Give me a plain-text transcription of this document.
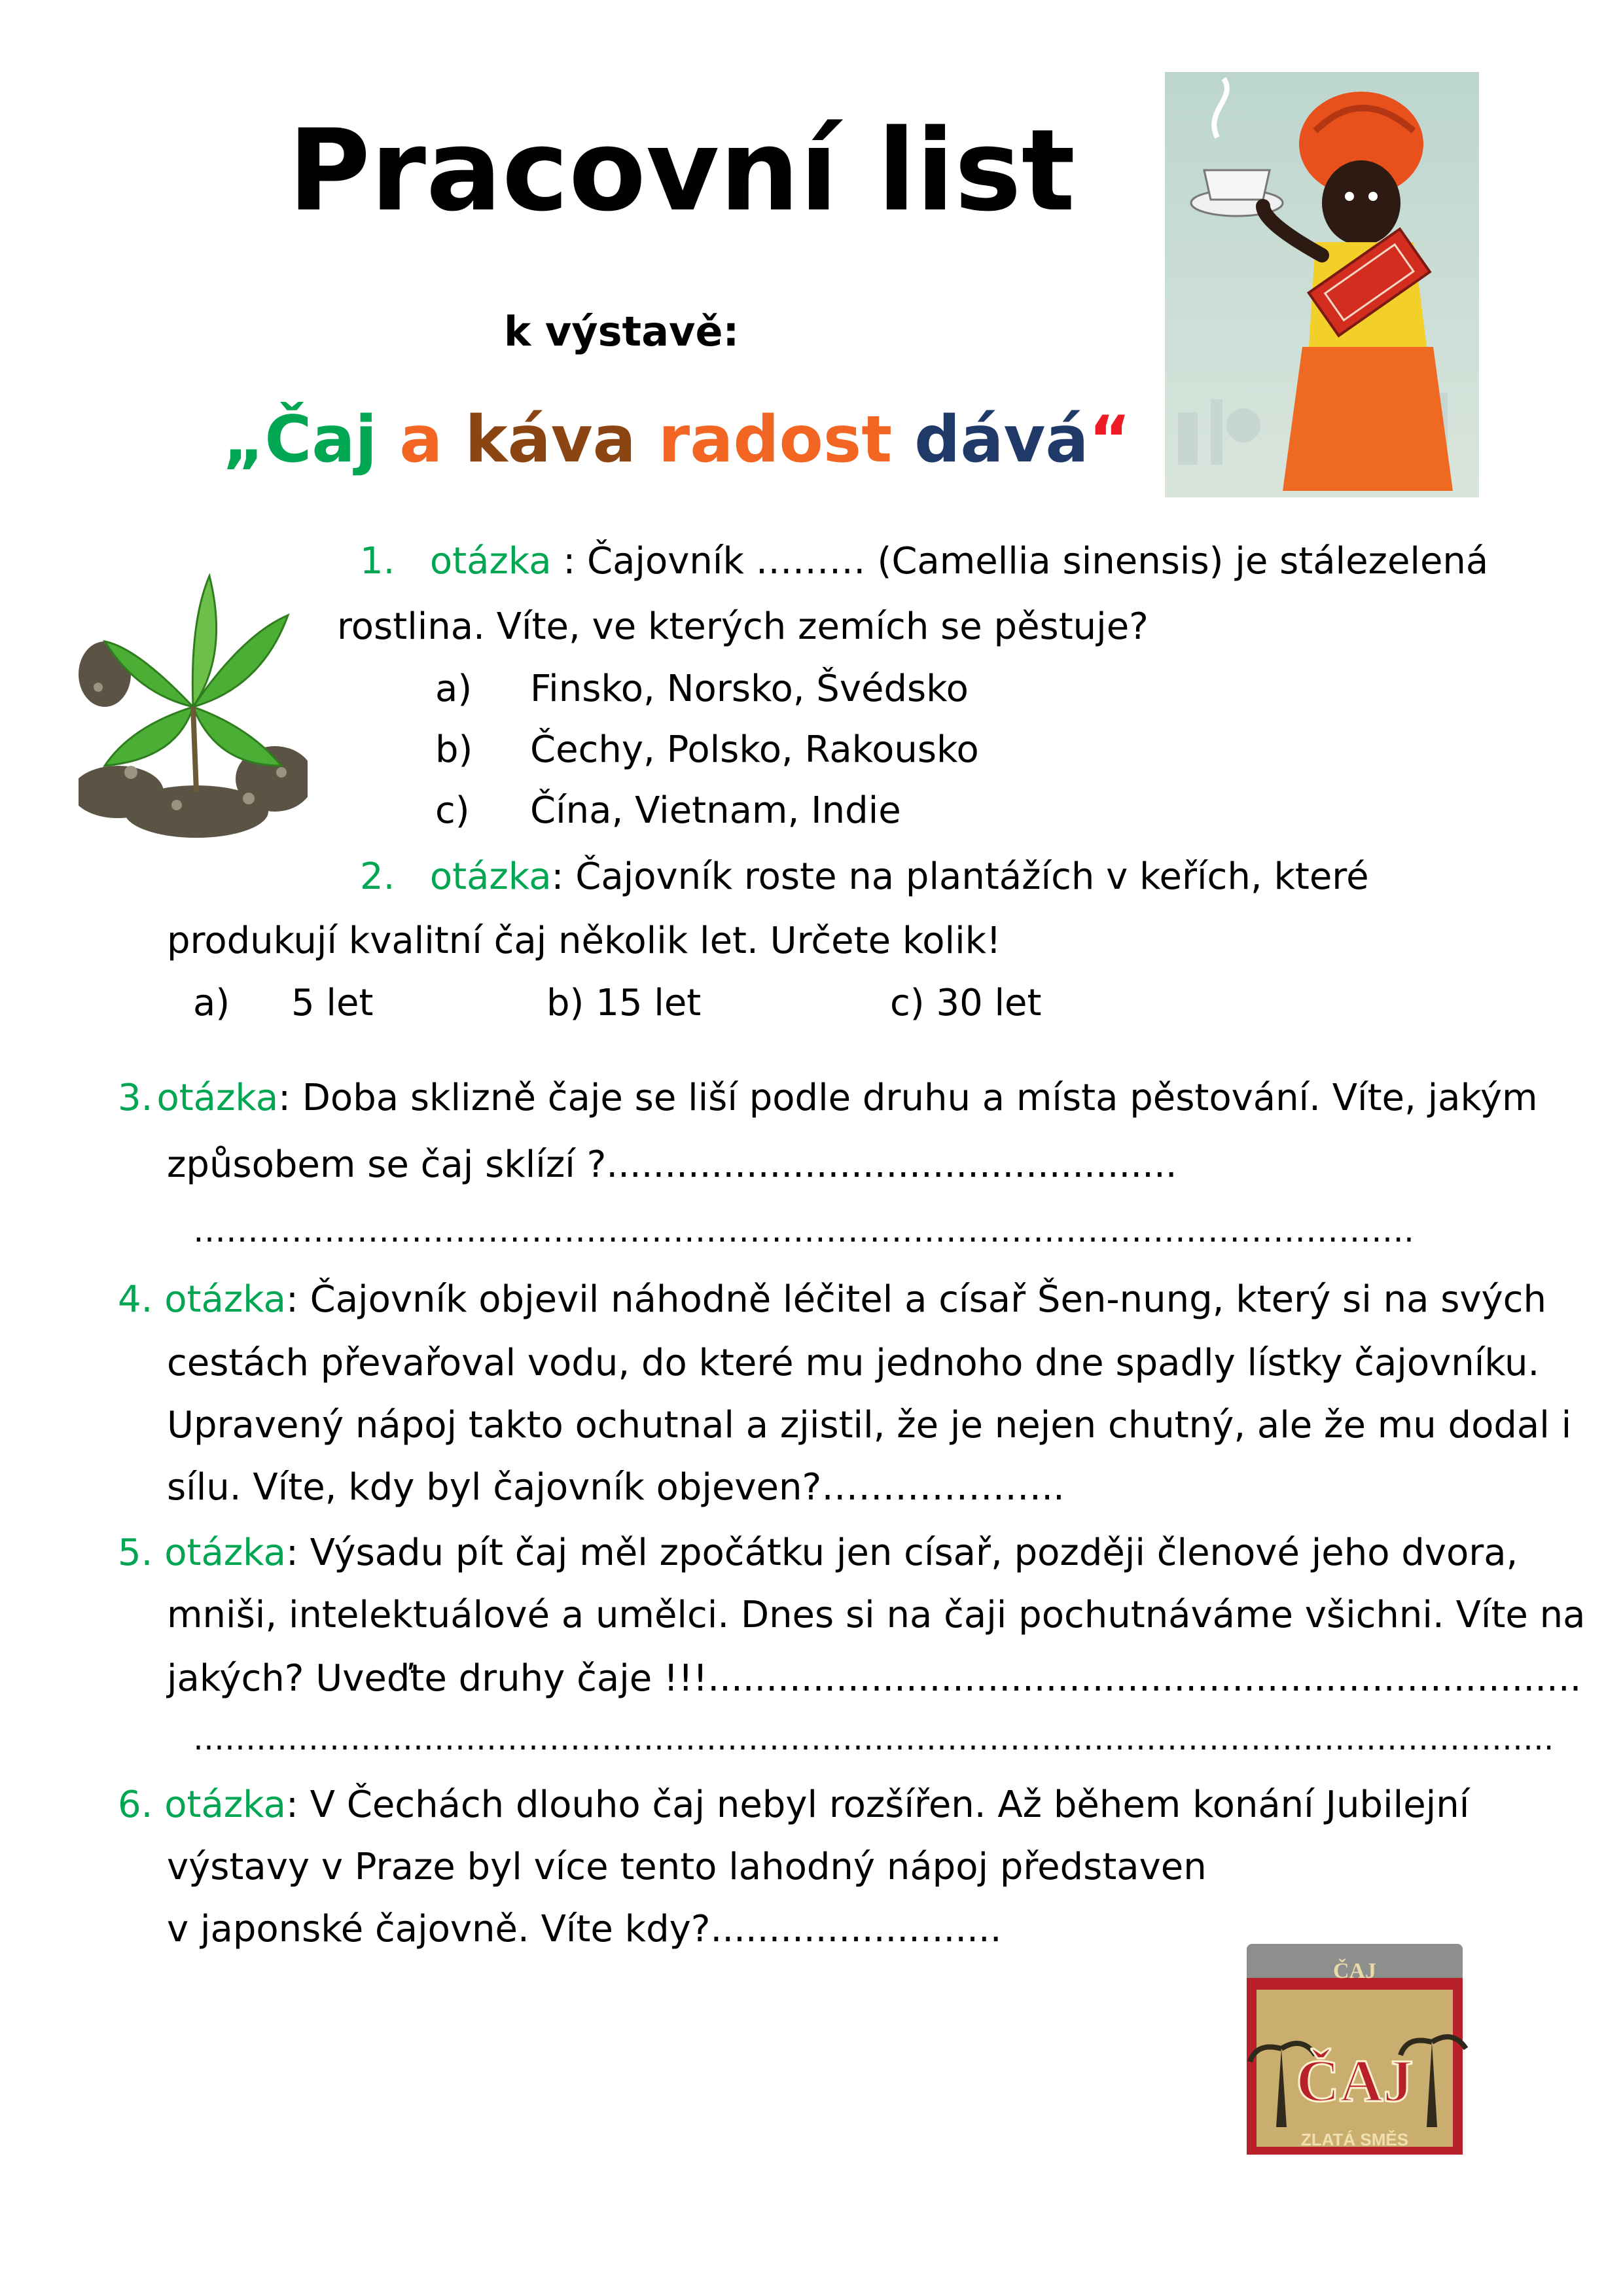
Pracovní list
k výstavě:
„Čaj a káva radost dává“
1. otázka : Čajovník ……… (Camellia sinensis) je stálezelená
rostlina. Víte, ve kterých zemích se pěstuje?
a) Finsko, Norsko, Švédsko
b) Čechy, Polsko, Rakousko
c) Čína, Vietnam, Indie
2. otázka: Čajovník roste na plantážích v keřích, které
produkují kvalitní čaj několik let. Určete kolik!
a) 5 let	b) 15 let	c) 30 let
3. otázka: Doba sklizně čaje se liší podle druhu a místa pěstování. Víte, jakým
způsobem se čaj sklízí ?.................................................
………………………………………………………………………………………………….
4. otázka: Čajovník objevil náhodně léčitel a císař Šen-nung, který si na svých
cestách převařoval vodu, do které mu jednoho dne spadly lístky čajovníku.
Upravený nápoj takto ochutnal a zjistil, že je nejen chutný, ale že mu dodal i
sílu. Víte, kdy byl čajovník objeven?………………..
5. otázka: Výsadu pít čaj měl zpočátku jen císař, později členové jeho dvora,
mniši, intelektuálové a umělci. Dnes si na čaji pochutnáváme všichni. Víte na
jakých? Uveďte druhy čaje !!!...........................................................................
………………………………………………………………………………………………………………….
6. otázka: V Čechách dlouho čaj nebyl rozšířen. Až během konání Jubilejní
výstavy v Praze byl více tento lahodný nápoj představen
v japonské čajovně. Víte kdy?.........................
ČAJ
ČAJ
ZLATÁ SMĚS
